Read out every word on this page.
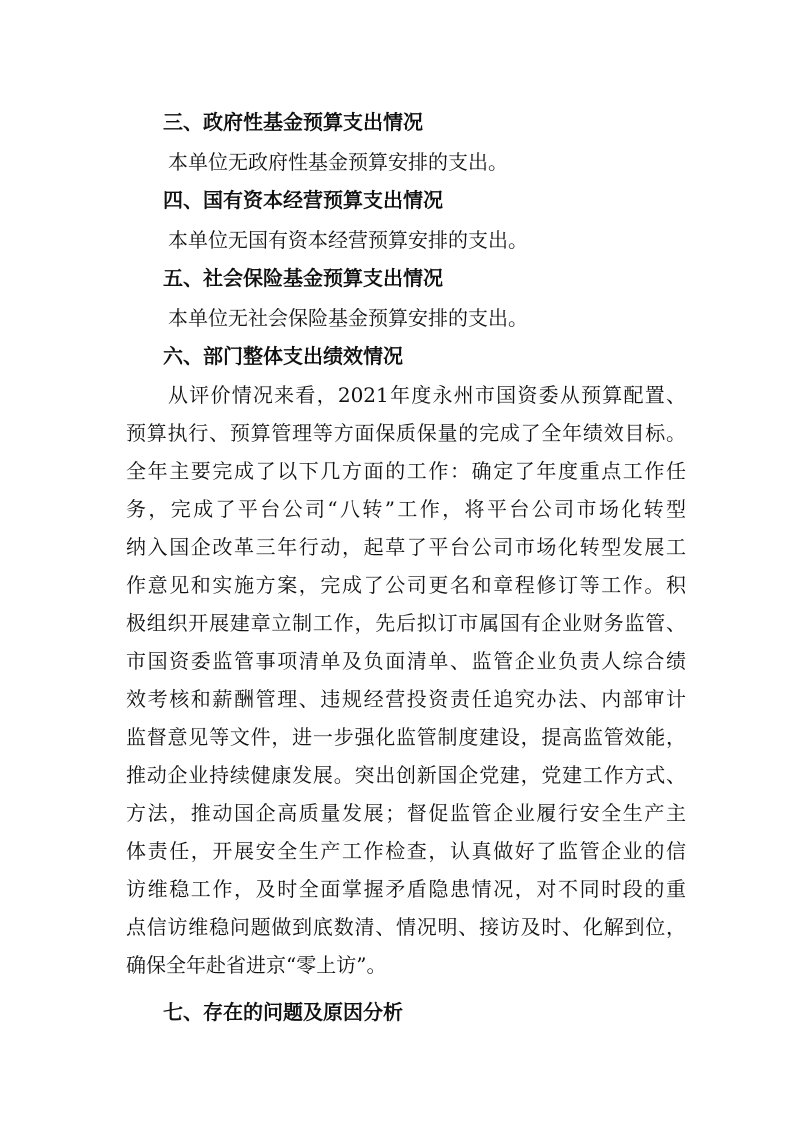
三、政府性基金预算支出情况
本单位无政府性基金预算安排的支出。
四、国有资本经营预算支出情况
本单位无国有资本经营预算安排的支出。
五、社会保险基金预算支出情况
本单位无社会保险基金预算安排的支出。
六、部门整体支出绩效情况
从评价情况来看，2021年度永州市国资委从预算配置、
预算执行、预算管理等方面保质保量的完成了全年绩效目标。
全年主要完成了以下几方面的工作：确定了年度重点工作任
务，完成了平台公司“八转”工作，将平台公司市场化转型
纳入国企改革三年行动，起草了平台公司市场化转型发展工
作意见和实施方案，完成了公司更名和章程修订等工作。积
极组织开展建章立制工作，先后拟订市属国有企业财务监管、
市国资委监管事项清单及负面清单、监管企业负责人综合绩
效考核和薪酬管理、违规经营投资责任追究办法、内部审计
监督意见等文件，进一步强化监管制度建设，提高监管效能，
推动企业持续健康发展。突出创新国企党建，党建工作方式、
方法，推动国企高质量发展；督促监管企业履行安全生产主
体责任，开展安全生产工作检查，认真做好了监管企业的信
访维稳工作，及时全面掌握矛盾隐患情况，对不同时段的重
点信访维稳问题做到底数清、情况明、接访及时、化解到位，
确保全年赴省进京“零上访”。
七、存在的问题及原因分析
